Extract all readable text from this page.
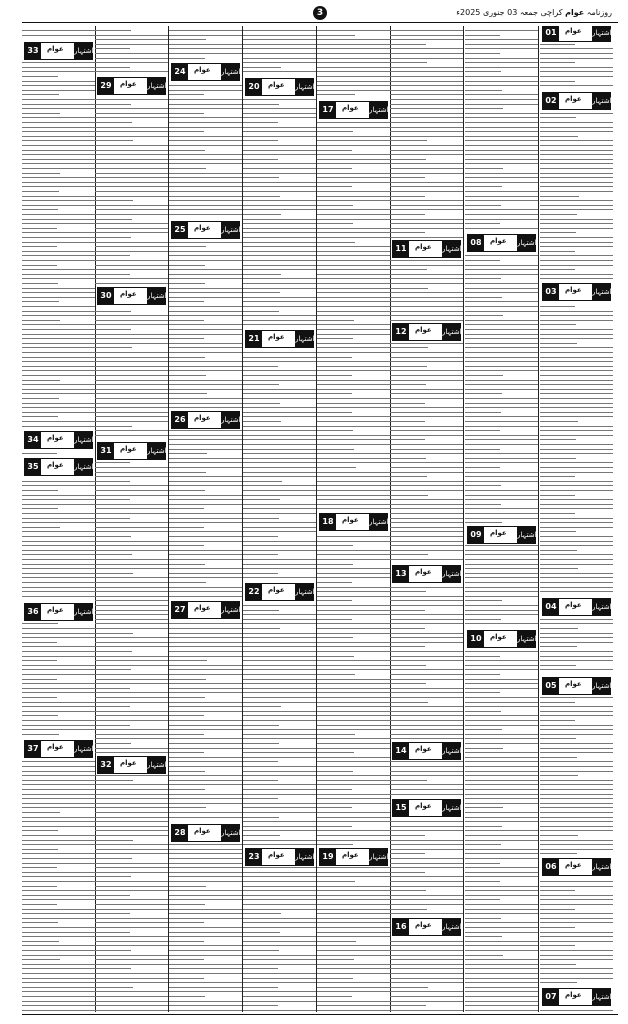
3	روزنامہ عوام کراچی جمعہ 03 جنوری 2025ء
01	عوام اشتہار
02	عوام اشتہار
03	عوام اشتہار
04	عوام اشتہار
05	عوام اشتہار
06	عوام اشتہار
07	عوام اشتہار
08	عوام اشتہار
09	عوام اشتہار
10	عوام اشتہار
11	عوام اشتہار
12	عوام اشتہار
13	عوام اشتہار
14	عوام اشتہار
15	عوام اشتہار
16	عوام اشتہار
17	عوام اشتہار
18	عوام اشتہار
19	عوام اشتہار
20	عوام اشتہار
21	عوام اشتہار
22	عوام اشتہار
23	عوام اشتہار
24	عوام اشتہار
25	عوام اشتہار
26	عوام اشتہار
27	عوام اشتہار
28	عوام اشتہار
29	عوام اشتہار
30	عوام اشتہار
31	عوام اشتہار
32	عوام اشتہار
33	عوام اشتہار
34	عوام اشتہار
35	عوام اشتہار
36	عوام اشتہار
37	عوام اشتہار
